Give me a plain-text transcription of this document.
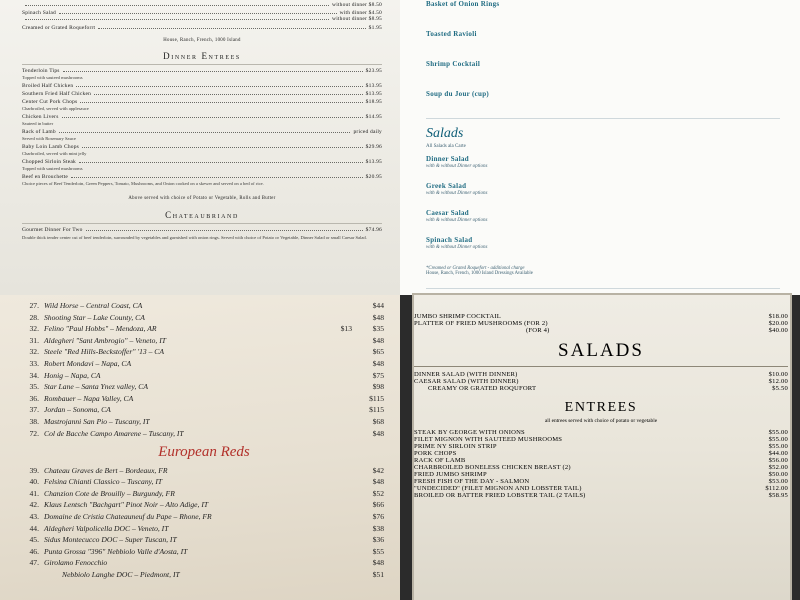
without dinner $8.50
Spinach Salad	with dinner $4.50
without dinner $8.95
Creamed or Grated Roqueforrt	$1.95
House, Ranch, French, 1000 Island
Dinner Entrees
Tenderloin Tips	$23.95
Topped with sauteed mushrooms
Broiled Half Chicken	$13.95
Southern Fried Half Chicken	$13.95
Center Cut Pork Chops	$18.95
Charbroiled, served with applesauce
Chicken Livers	$14.95
Sauteed in butter
Rack of Lamb	priced daily
Served with Rosemary Sauce
Baby Loin Lamb Chops	$29.96
Charbroiled, served with mint jelly
Chopped Sirloin Steak	$13.95
Topped with sauteed mushrooms
Beef en Brouchette	$20.95
Choice pieces of Beef Tenderloin, Green Peppers, Tomato, Mushrooms, and Onion cooked on a skewer and served on a bed of rice.
Above served with choice of Potato or Vegetable, Rolls and Butter
Chateaubriand
Gourmet Dinner For Two	$74.96
Double thick tender center cut of beef tenderloin, surrounded by vegetables and garnished with onion rings. Served with choice of Potato or Vegetable, Dinner Salad or small Caesar Salad.
Basket of Onion Rings
Toasted Ravioli
Shrimp Cocktail
Soup du Jour (cup)
Salads
All Salads ala Carte
Dinner Salad
with & without Dinner options
Greek Salad
with & without Dinner options
Caesar Salad
with & without Dinner options
Spinach Salad
with & without Dinner options
*Creamed or Grated Roquefort - additional charge
House, Ranch, French, 1000 Island Dressings Available
27. Wild Horse – Central Coast, CA	$44
28. Shooting Star – Lake County, CA	$48
32. Felino "Paul Hobbs" – Mendoza, AR	$13	$35
31. Aldegheri "Sant Ambrogio" – Veneto, IT	$48
32. Steele "Red Hills-Beckstoffer" '13 – CA	$65
33. Robert Mondavi – Napa, CA	$48
34. Honig – Napa, CA	$75
35. Star Lane – Santa Ynez valley, CA	$98
36. Rombauer – Napa Valley, CA	$115
37. Jordan – Sonoma, CA	$115
38. Mastrojanni San Pio – Tuscany, IT	$68
72. Col de Bacche Campo Amarene – Tuscany, IT	$48
European Reds
39. Chateau Graves de Bert – Bordeaux, FR	$42
40. Felsina Chianti Classico – Tuscany, IT	$48
41. Chanzion Cote de Brouilly – Burgundy, FR	$52
42. Klaus Lentsch "Bachgart" Pinot Noir – Alto Adige, IT	$66
43. Domaine de Cristia Chateauneuf du Pape – Rhone, FR	$76
44. Aldegheri Valpolicella DOC – Veneto, IT	$38
45. Sidus Montecucco DOC – Super Tuscan, IT	$36
46. Punta Grossa "396" Nebbiolo Valle d'Aosta, IT	$55
47. Girolamo Fenocchio	$48
Nebbiolo Langhe DOC – Piedmont, IT	$51
JUMBO SHRIMP COCKTAIL	$18.00
PLATTER OF FRIED MUSHROOMS (FOR 2)	$20.00
(FOR 4)	$40.00
SALADS
DINNER SALAD (WITH DINNER)	$10.00
CAESAR SALAD (WITH DINNER)	$12.00
CREAMY OR GRATED ROQUFORT	$5.50
ENTREES
all entrees served with choice of potato or vegetable
STEAK BY GEORGE WITH ONIONS	$55.00
FILET MIGNON WITH SAUTEED MUSHROOMS	$55.00
PRIME NY SIRLOIN STRIP	$55.00
PORK CHOPS	$44.00
RACK OF LAMB	$56.00
CHARBROILED BONELESS CHICKEN BREAST (2)	$52.00
FRIED JUMBO SHRIMP	$50.00
FRESH FISH OF THE DAY - SALMON	$53.00
"UNDECIDED" (FILET MIGNON AND LOBSTER TAIL)	$112.00
BROILED OR BATTER FRIED LOBSTER TAIL (2 TAILS)	$58.95
